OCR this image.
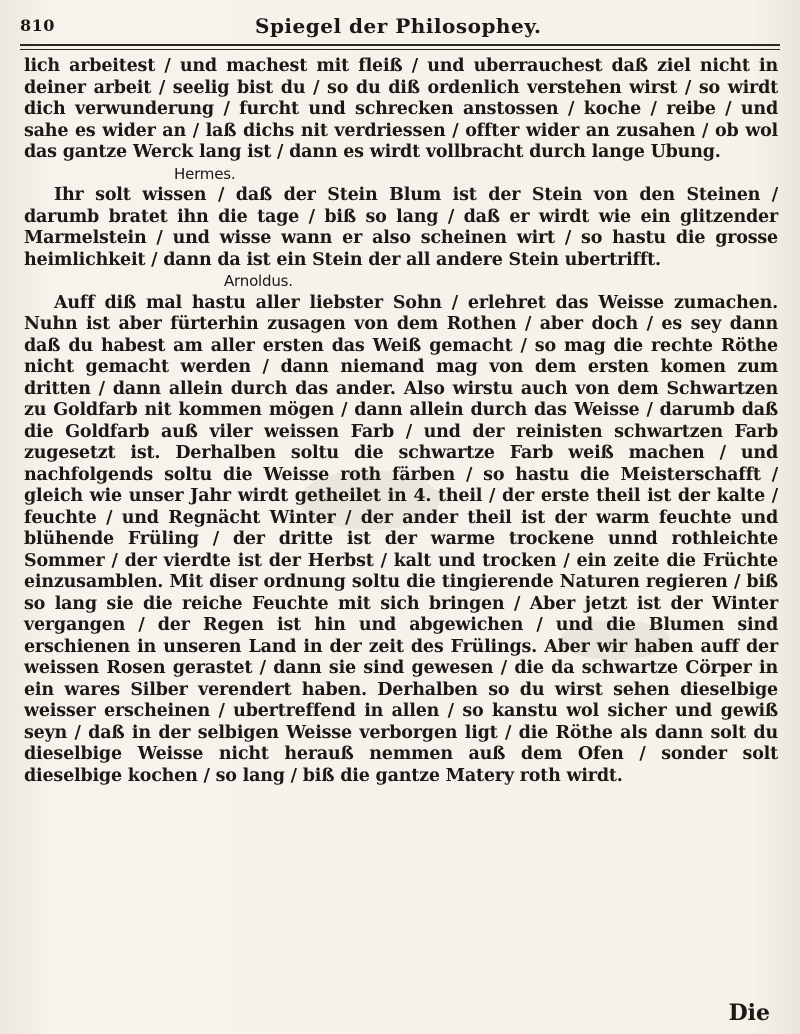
810	Spiegel der Philosophey.

lich arbeitest / und machest mit fleiß / und uberrauchest daß ziel nicht in deiner arbeit / seelig bist du / so du diß ordenlich verstehen wirst / so wirdt dich verwunderung / furcht und schrecken anstossen / koche / reibe / und sahe es wider an / laß dichs nit verdriessen / offter wider an zusahen / ob wol das gantze Werck lang ist / dann es wirdt vollbracht durch lange Ubung.

Hermes.

Ihr solt wissen / daß der Stein Blum ist der Stein von den Steinen / darumb bratet ihn die tage / biß so lang / daß er wirdt wie ein glitzender Marmelstein / und wisse wann er also scheinen wirt / so hastu die grosse heimlichkeit / dann da ist ein Stein der all andere Stein ubertrifft.

Arnoldus.

Auff diß mal hastu aller liebster Sohn / erlehret das Weisse zumachen. Nuhn ist aber fürterhin zusagen von dem Rothen / aber doch / es sey dann daß du habest am aller ersten das Weiß gemacht / so mag die rechte Röthe nicht gemacht werden / dann niemand mag von dem ersten komen zum dritten / dann allein durch das ander. Also wirstu auch von dem Schwartzen zu Goldfarb nit kommen mögen / dann allein durch das Weisse / darumb daß die Goldfarb auß viler weissen Farb / und der reinisten schwartzen Farb zugesetzt ist. Derhalben soltu die schwartze Farb weiß machen / und nachfolgends soltu die Weisse roth färben / so hastu die Meisterschafft / gleich wie unser Jahr wirdt getheilet in 4. theil / der erste theil ist der kalte / feuchte / und Regnächt Winter / der ander theil ist der warm feuchte und blühende Früling / der dritte ist der warme trockene unnd rothleichte Sommer / der vierdte ist der Herbst / kalt und trocken / ein zeite die Früchte einzusamblen. Mit diser ordnung soltu die tingierende Naturen regieren / biß so lang sie die reiche Feuchte mit sich bringen / Aber jetzt ist der Winter vergangen / der Regen ist hin und abgewichen / und die Blumen sind erschienen in unseren Land in der zeit des Frülings. Aber wir haben auff der weissen Rosen gerastet / dann sie sind gewesen / die da schwartze Cörper in ein wares Silber verendert haben. Derhalben so du wirst sehen dieselbige weisser erscheinen / ubertreffend in allen / so kanstu wol sicher und gewiß seyn / daß in der selbigen Weisse verborgen ligt / die Röthe als dann solt du dieselbige Weisse nicht herauß nemmen auß dem Ofen / sonder solt dieselbige kochen / so lang / biß die gantze Matery roth wirdt.

Die
